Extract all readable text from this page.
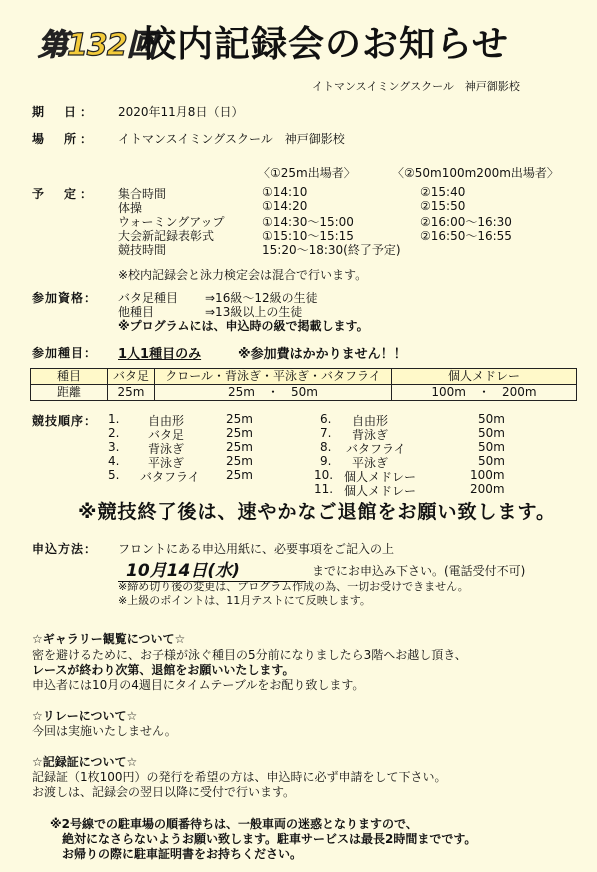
第132回
校内記録会のお知らせ
イトマンスイミングスクール　神戸御影校
期　日： 2020年11月8日（日）
場　所： イトマンスイミングスクール　神戸御影校
〈①25m出場者〉	〈②50m100m200m出場者〉
予　定： 集合時間	①14:10	②15:40
体操	①14:20	②15:50
ウォーミングアップ	①14:30～15:00	②16:00～16:30
大会新記録表彰式	①15:10～15:15	②16:50～16:55
競技時間	15:20～18:30(終了予定)
※校内記録会と泳力検定会は混合で行います。
参加資格： バタ足種目 ⇒16級～12級の生徒
他種目	⇒13級以上の生徒
※プログラムには、申込時の級で掲載します。
参加種目： 1人1種目のみ	※参加費はかかりません！！
種目	バタ足	クロール・背泳ぎ・平泳ぎ・バタフライ	個人メドレー
距離	25m	25m　・　50m	100m　・　200m
競技順序： 1. 自由形	25m
2. バタ足	25m
3. 背泳ぎ	25m
4. 平泳ぎ	25m
5. バタフライ 25m
6. 自由形	50m
7. 背泳ぎ	50m
8. バタフライ	50m
9. 平泳ぎ	50m
10. 個人メドレー	100m
11. 個人メドレー	200m
※競技終了後は、速やかなご退館をお願い致します。
申込方法： フロントにある申込用紙に、必要事項をご記入の上
10月14日(水)	までにお申込み下さい。(電話受付不可)
※締め切り後の変更は、プログラム作成の為、一切お受けできません。
※上級のポイントは、11月テストにて反映します。
☆ギャラリー観覧について☆
密を避けるために、お子様が泳ぐ種目の5分前になりましたら3階へお越し頂き、
レースが終わり次第、退館をお願いいたします。
申込者には10月の4週目にタイムテーブルをお配り致します。
☆リレーについて☆
今回は実施いたしません。
☆記録証について☆
記録証（1枚100円）の発行を希望の方は、申込時に必ず申請をして下さい。
お渡しは、記録会の翌日以降に受付で行います。
※2号線での駐車場の順番待ちは、一般車両の迷惑となりますので、
絶対になさらないようお願い致します。駐車サービスは最長2時間までです。
お帰りの際に駐車証明書をお持ちください。
